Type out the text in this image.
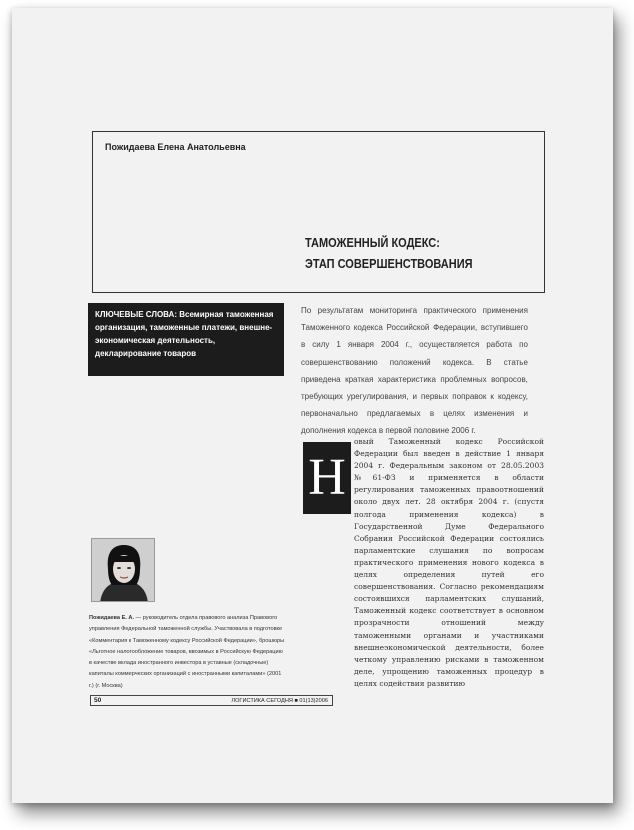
Пожидаева Елена Анатольевна
ТАМОЖЕННЫЙ КОДЕКС:
ЭТАП СОВЕРШЕНСТВОВАНИЯ
КЛЮЧЕВЫЕ СЛОВА: Всемирная таможенная организация, таможенные платежи, внешне-экономическая деятельность, декларирование товаров

По результатам мониторинга практического применения Таможенного кодекса Российской Федерации, вступившего в силу 1 января 2004 г., осуществляется работа по совершенствованию положений кодекса. В статье приведена краткая характеристика проблемных вопросов, требующих урегулирования, и первых поправок к кодексу, первоначально предлагаемых в целях изменения и дополнения кодекса в первой половине 2006 г.

Н
овый Таможенный кодекс Российской Федерации был введен в действие 1 января 2004 г. Федеральным законом от 28.05.2003 №61-ФЗ и применяется в области регулирования таможенных правоотношений около двух лет. 28 октября 2004 г. (спустя полгода применения кодекса) в Государственной Думе Федерального Собрания Российской Федерации состоялись парламентские слушания по вопросам практического применения нового кодекса в целях определения путей его совершенствования. Согласно рекомендациям состоявшихся парламентских слушаний, Таможенный кодекс соответствует в основном прозрачности отношений между таможенными органами и участниками внешнеэкономической деятельности, более четкому управлению рисками в таможенном деле, упрощению таможенных процедур в целях содействия развитию
Пожидаева Е. А. — руководитель отдела правового анализа Правового управления Федеральной таможенной службы. Участвовала в подготовке «Комментария к Таможенному кодексу Российской Федерации», брошюры «Льготное налогообложение товаров, ввозимых в Российскую Федерацию в качестве вклада иностранного инвестора в уставные (складочные) капиталы коммерческих организаций с иностранными капиталами» (2001 г.) (г. Москва)
50	ЛОГИСТИКА СЕГОДНЯ ■ 01(13)2006
